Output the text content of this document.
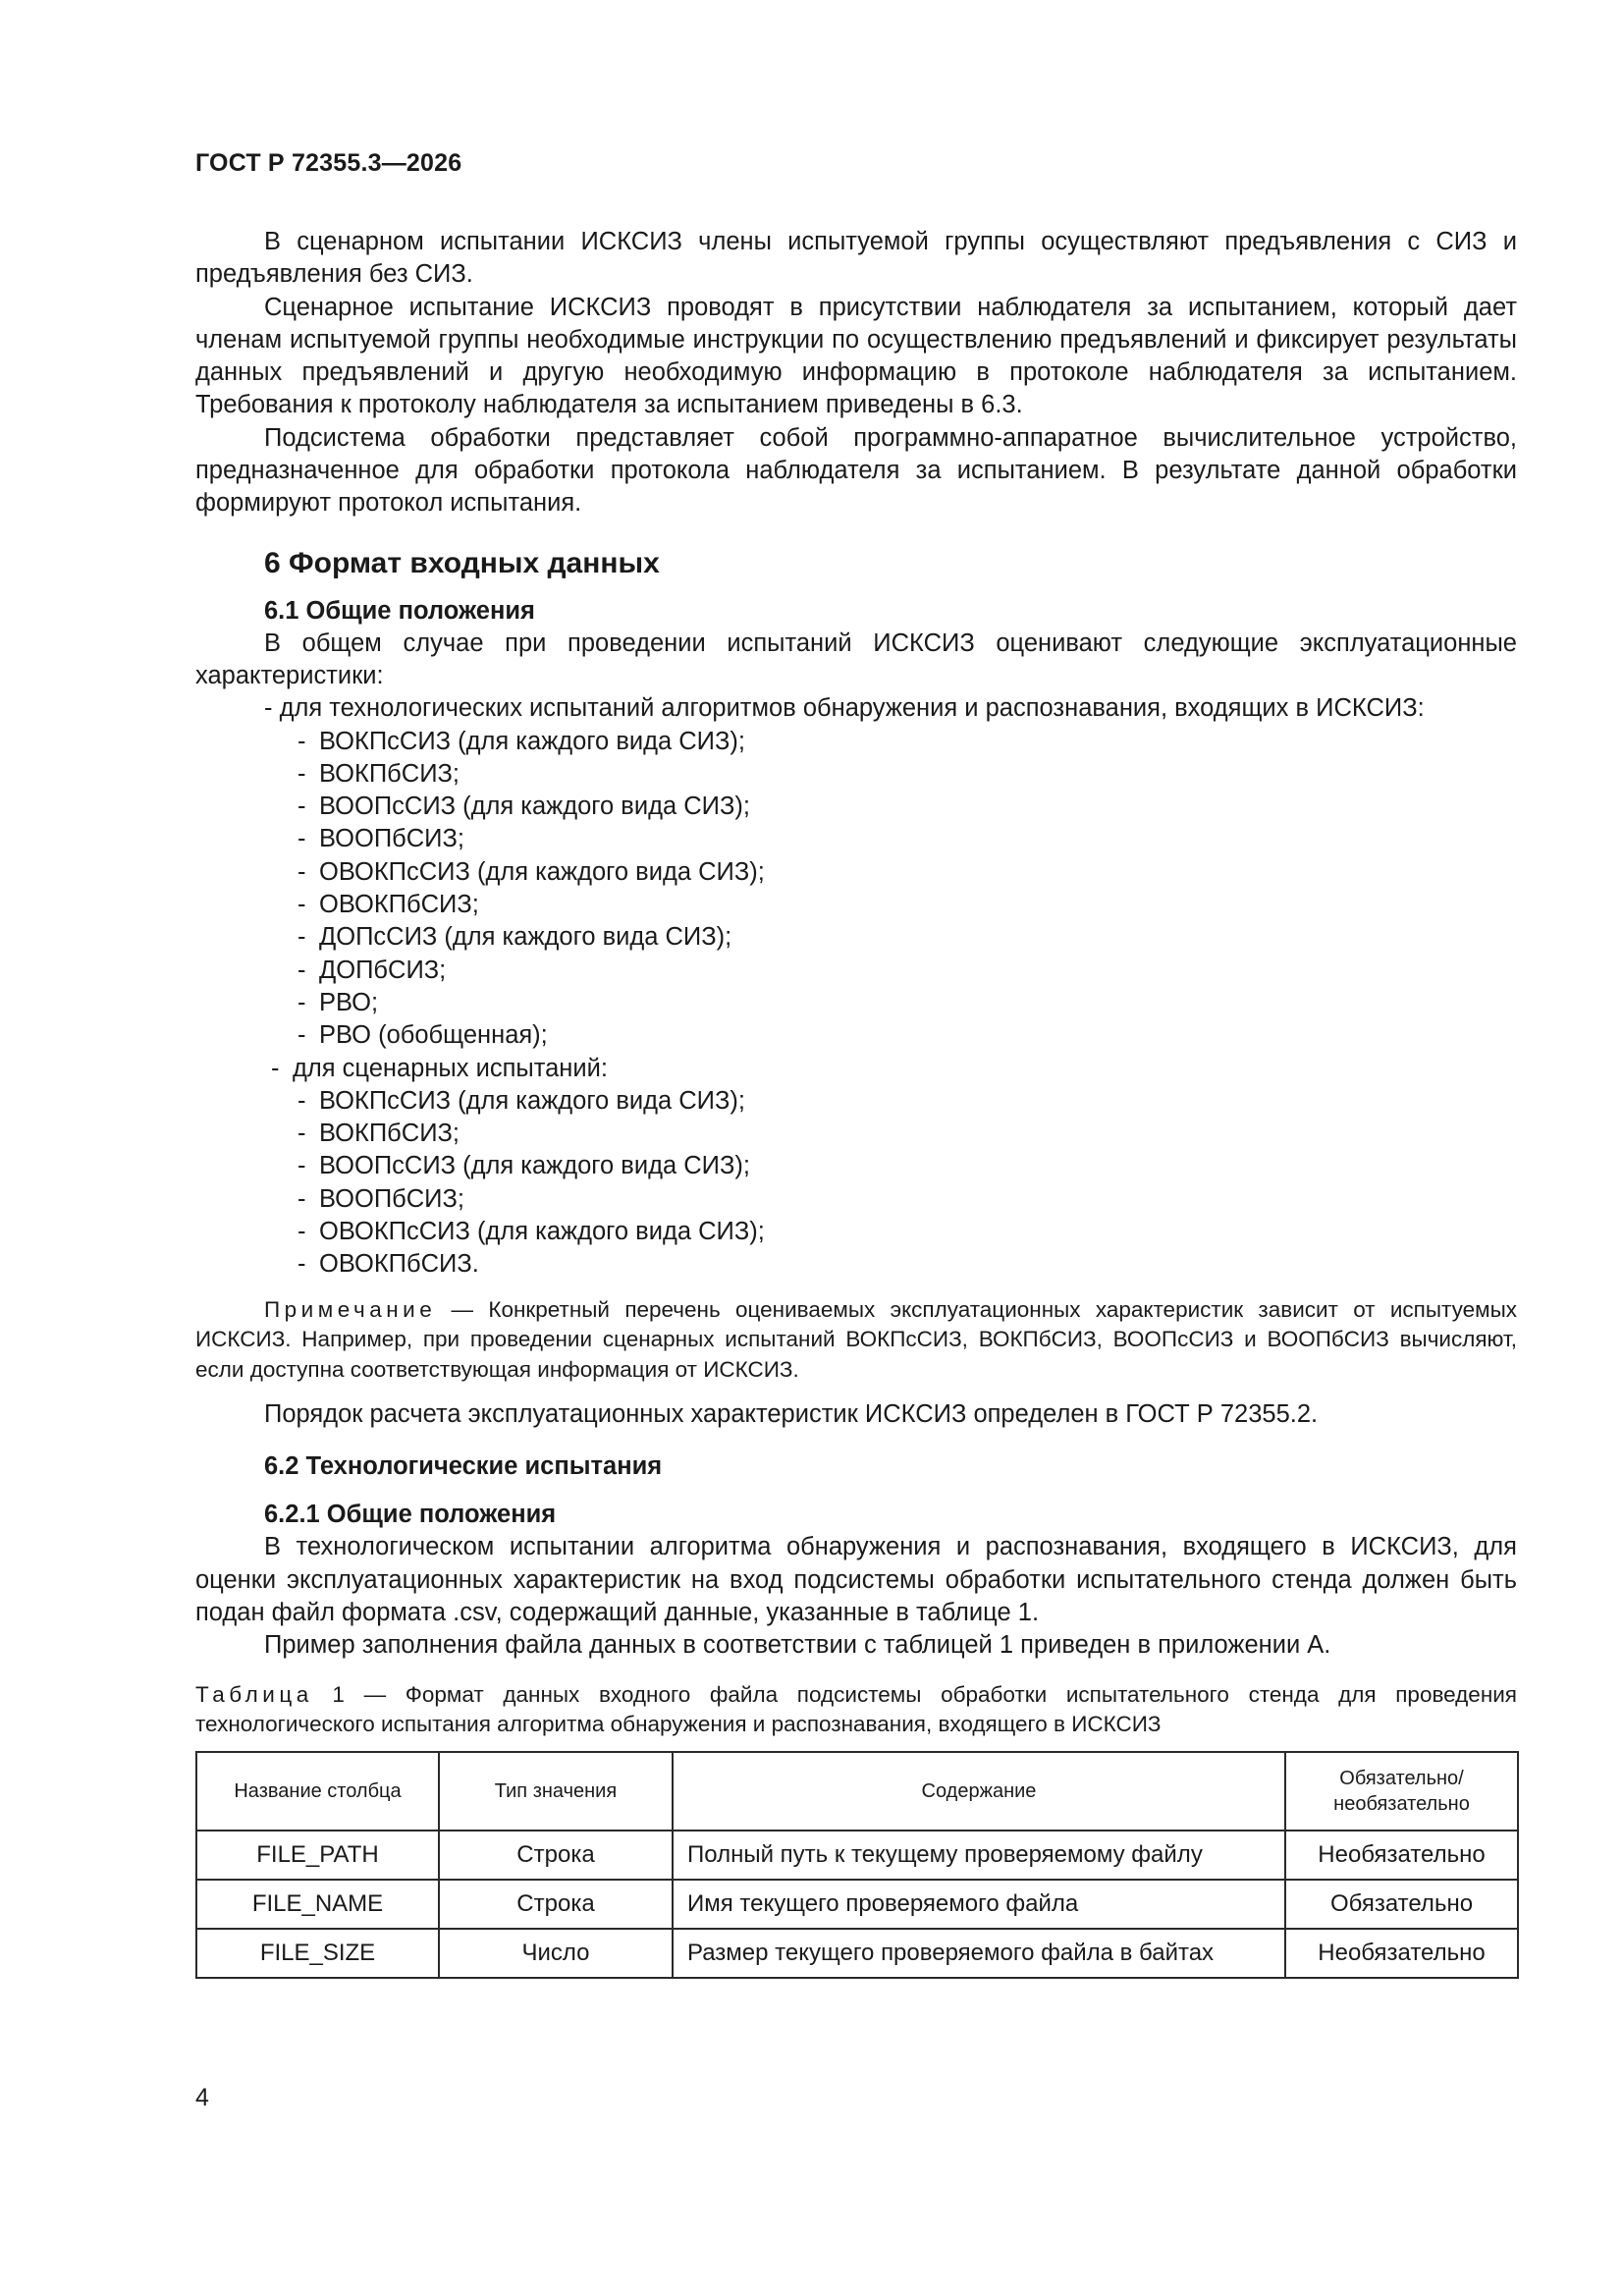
ГОСТ Р 72355.3—2026

В сценарном испытании ИСКСИЗ члены испытуемой группы осуществляют предъявления с СИЗ и предъявления без СИЗ.

Сценарное испытание ИСКСИЗ проводят в присутствии наблюдателя за испытанием, который дает членам испытуемой группы необходимые инструкции по осуществлению предъявлений и фиксирует результаты данных предъявлений и другую необходимую информацию в протоколе наблюдателя за испытанием. Требования к протоколу наблюдателя за испытанием приведены в 6.3.

Подсистема обработки представляет собой программно-аппаратное вычислительное устройство, предназначенное для обработки протокола наблюдателя за испытанием. В результате данной обработки формируют протокол испытания.

6 Формат входных данных
6.1 Общие положения

В общем случае при проведении испытаний ИСКСИЗ оценивают следующие эксплуатационные характеристики:

- для технологических испытаний алгоритмов обнаружения и распознавания, входящих в ИСКСИЗ:

- ВОКПсСИЗ (для каждого вида СИЗ);

- ВОКПбСИЗ;

- ВООПсСИЗ (для каждого вида СИЗ);

- ВООПбСИЗ;

- ОВОКПсСИЗ (для каждого вида СИЗ);

- ОВОКПбСИЗ;

- ДОПсСИЗ (для каждого вида СИЗ);

- ДОПбСИЗ;

- РВО;

- РВО (обобщенная);

- для сценарных испытаний:

- ВОКПсСИЗ (для каждого вида СИЗ);

- ВОКПбСИЗ;

- ВООПсСИЗ (для каждого вида СИЗ);

- ВООПбСИЗ;

- ОВОКПсСИЗ (для каждого вида СИЗ);

- ОВОКПбСИЗ.

Примечание — Конкретный перечень оцениваемых эксплуатационных характеристик зависит от испытуемых ИСКСИЗ. Например, при проведении сценарных испытаний ВОКПсСИЗ, ВОКПбСИЗ, ВООПсСИЗ и ВООПбСИЗ вычисляют, если доступна соответствующая информация от ИСКСИЗ.

Порядок расчета эксплуатационных характеристик ИСКСИЗ определен в ГОСТ Р 72355.2.

6.2 Технологические испытания
6.2.1 Общие положения

В технологическом испытании алгоритма обнаружения и распознавания, входящего в ИСКСИЗ, для оценки эксплуатационных характеристик на вход подсистемы обработки испытательного стенда должен быть подан файл формата .csv, содержащий данные, указанные в таблице 1.

Пример заполнения файла данных в соответствии с таблицей 1 приведен в приложении А.

Таблица 1 — Формат данных входного файла подсистемы обработки испытательного стенда для проведения технологического испытания алгоритма обнаружения и распознавания, входящего в ИСКСИЗ

Название столбца	Тип значения	Содержание	Обязательно/ необязательно
FILE_PATH	Строка	Полный путь к текущему проверяемому файлу	Необязательно
FILE_NAME	Строка	Имя текущего проверяемого файла	Обязательно
FILE_SIZE	Число	Размер текущего проверяемого файла в байтах	Необязательно
4
